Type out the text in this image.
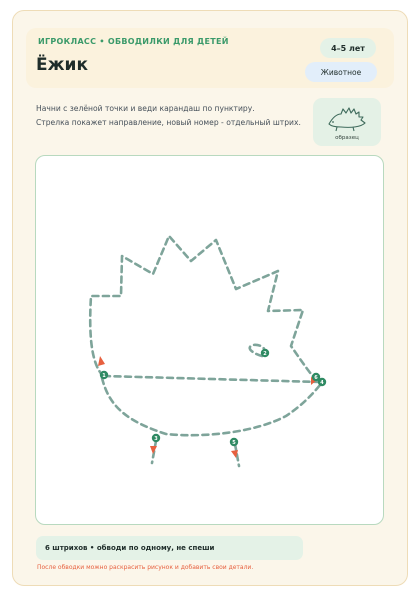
ИГРОКЛАСС • ОБВОДИЛКИ ДЛЯ ДЕТЕЙ
Ёжик
4–5 лет
Животное
Начни с зелёной точки и веди карандаш по пунктиру.
Стрелка покажет направление, новый номер - отдельный штрих.
образец
1
2
3
4
5
6
6 штрихов • обводи по одному, не спеши
После обводки можно раскрасить рисунок и добавить свои детали.
